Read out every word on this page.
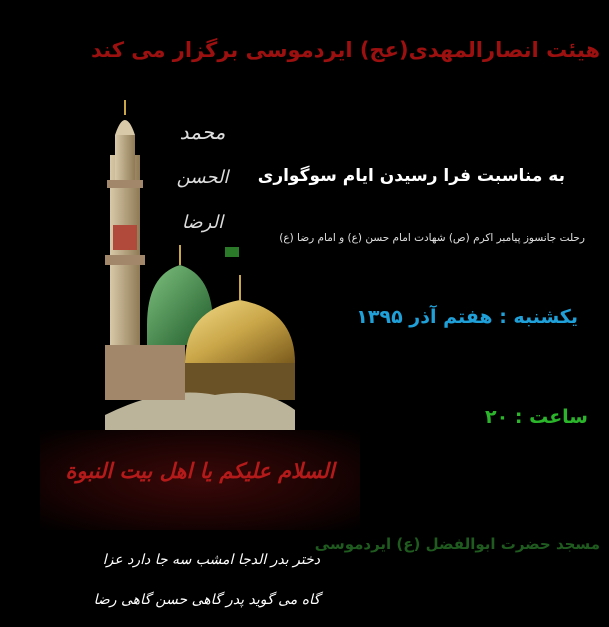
هیئت انصارالمهدی(عج) ایردموسی برگزار می کند
محمد
الحسن
الرضا
به مناسبت فرا رسیدن ایام سوگواری
رحلت جانسوز پیامبر اکرم (ص) شهادت امام حسن (ع) و امام رضا (ع)
یکشنبه : هفتم آذر ۱۳۹۵
ساعت : ۲۰
السلام علیکم یا اهل بیت النبوة
مسجد حضرت ابوالفضل (ع) ایردموسی
دختر بدر الدجا امشب سه جا دارد عزا
گاه می گوید پدر گاهی حسن گاهی رضا
